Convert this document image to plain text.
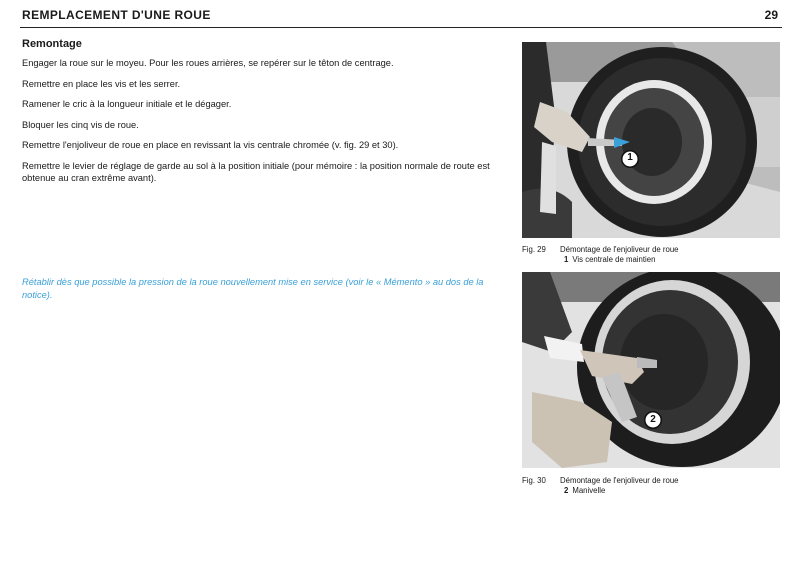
REMPLACEMENT D'UNE ROUE	29
Remontage
Engager la roue sur le moyeu. Pour les roues arrières, se repérer sur le têton de centrage.
Remettre en place les vis et les serrer.
Ramener le cric à la longueur initiale et le dégager.
Bloquer les cinq vis de roue.
Remettre l'enjoliveur de roue en place en revissant la vis centrale chromée (v. fig. 29 et 30).
Remettre le levier de réglage de garde au sol à la position initiale (pour mémoire : la position normale de route est obtenue au cran extrême avant).
Rétablir dès que possible la pression de la roue nouvellement mise en service (voir le « Mémento » au dos de la notice).
1
Fig. 29 Démontage de l'enjoliveur de roue
1 Vis centrale de maintien
2
Fig. 30 Démontage de l'enjoliveur de roue
2 Manivelle
